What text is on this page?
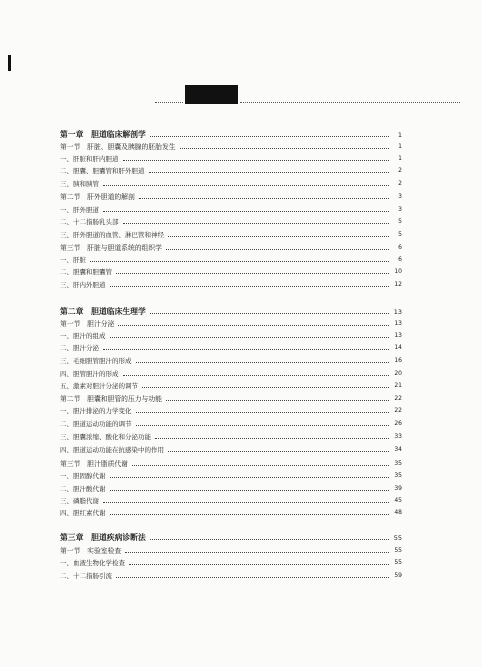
第一章　胆道临床解剖学	1
第一节　肝脏、胆囊及胰腺的胚胎发生	1
一、肝脏和肝内胆道	1
二、胆囊、胆囊管和肝外胆道	2
三、胰和胰管	2
第二节　肝外胆道的解剖	3
一、肝外胆道	3
二、十二指肠乳头部	5
三、肝外胆道的血管、淋巴管和神经	5
第三节　肝脏与胆道系统的组织学	6
一、肝脏	6
二、胆囊和胆囊管	10
三、肝内外胆道	12
第二章　胆道临床生理学	13
第一节　胆汁分泌	13
一、胆汁的组成	13
二、胆汁分泌	14
三、毛细胆管胆汁的形成	16
四、胆管胆汁的形成	20
五、激素对胆汁分泌的调节	21
第二节　胆囊和胆管的压力与功能	22
一、胆汁排泌的力学变化	22
二、胆道运动功能的调节	26
三、胆囊浓缩、酸化和分泌功能	33
四、胆道运动功能在抗感染中的作用	34
第三节　胆汁脂质代谢	35
一、胆固醇代谢	35
二、胆汁酸代谢	39
三、磷脂代谢	45
四、胆红素代谢	48
第三章　胆道疾病诊断法	55
第一节　实验室检查	55
一、血液生物化学检查	55
二、十二指肠引流	59
